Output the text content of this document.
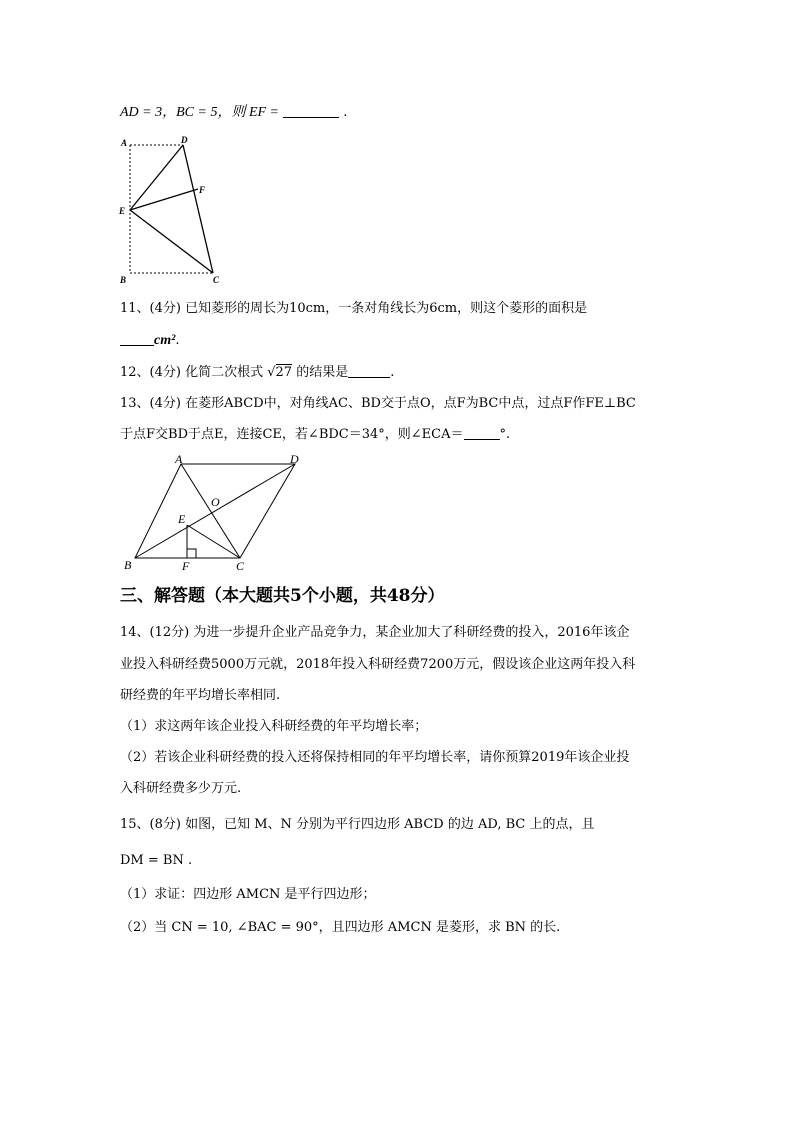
AD = 3，BC = 5，则 EF =	.
A	D
F
E
B	C
11、(4分) 已知菱形的周长为10cm，一条对角线长为6cm，则这个菱形的面积是
cm².
12、(4分) 化简二次根式 √27 的结果是	.
13、(4分) 在菱形ABCD中，对角线AC、BD交于点O，点F为BC中点，过点F作FE⊥BC
于点F交BD于点E，连接CE，若∠BDC＝34°，则∠ECA＝	°.
A	D
O
E
B	F	C
三、解答题（本大题共5个小题，共48分）
14、(12分) 为进一步提升企业产品竞争力，某企业加大了科研经费的投入，2016年该企
业投入科研经费5000万元就，2018年投入科研经费7200万元，假设该企业这两年投入科
研经费的年平均增长率相同.
（1）求这两年该企业投入科研经费的年平均增长率；
（2）若该企业科研经费的投入还将保持相同的年平均增长率，请你预算2019年该企业投
入科研经费多少万元.
15、(8分) 如图，已知 M、N 分别为平行四边形 ABCD 的边 AD, BC 上的点，且
DM = BN .
（1）求证：四边形 AMCN 是平行四边形；
（2）当 CN = 10, ∠BAC = 90°，且四边形 AMCN 是菱形，求 BN 的长.
